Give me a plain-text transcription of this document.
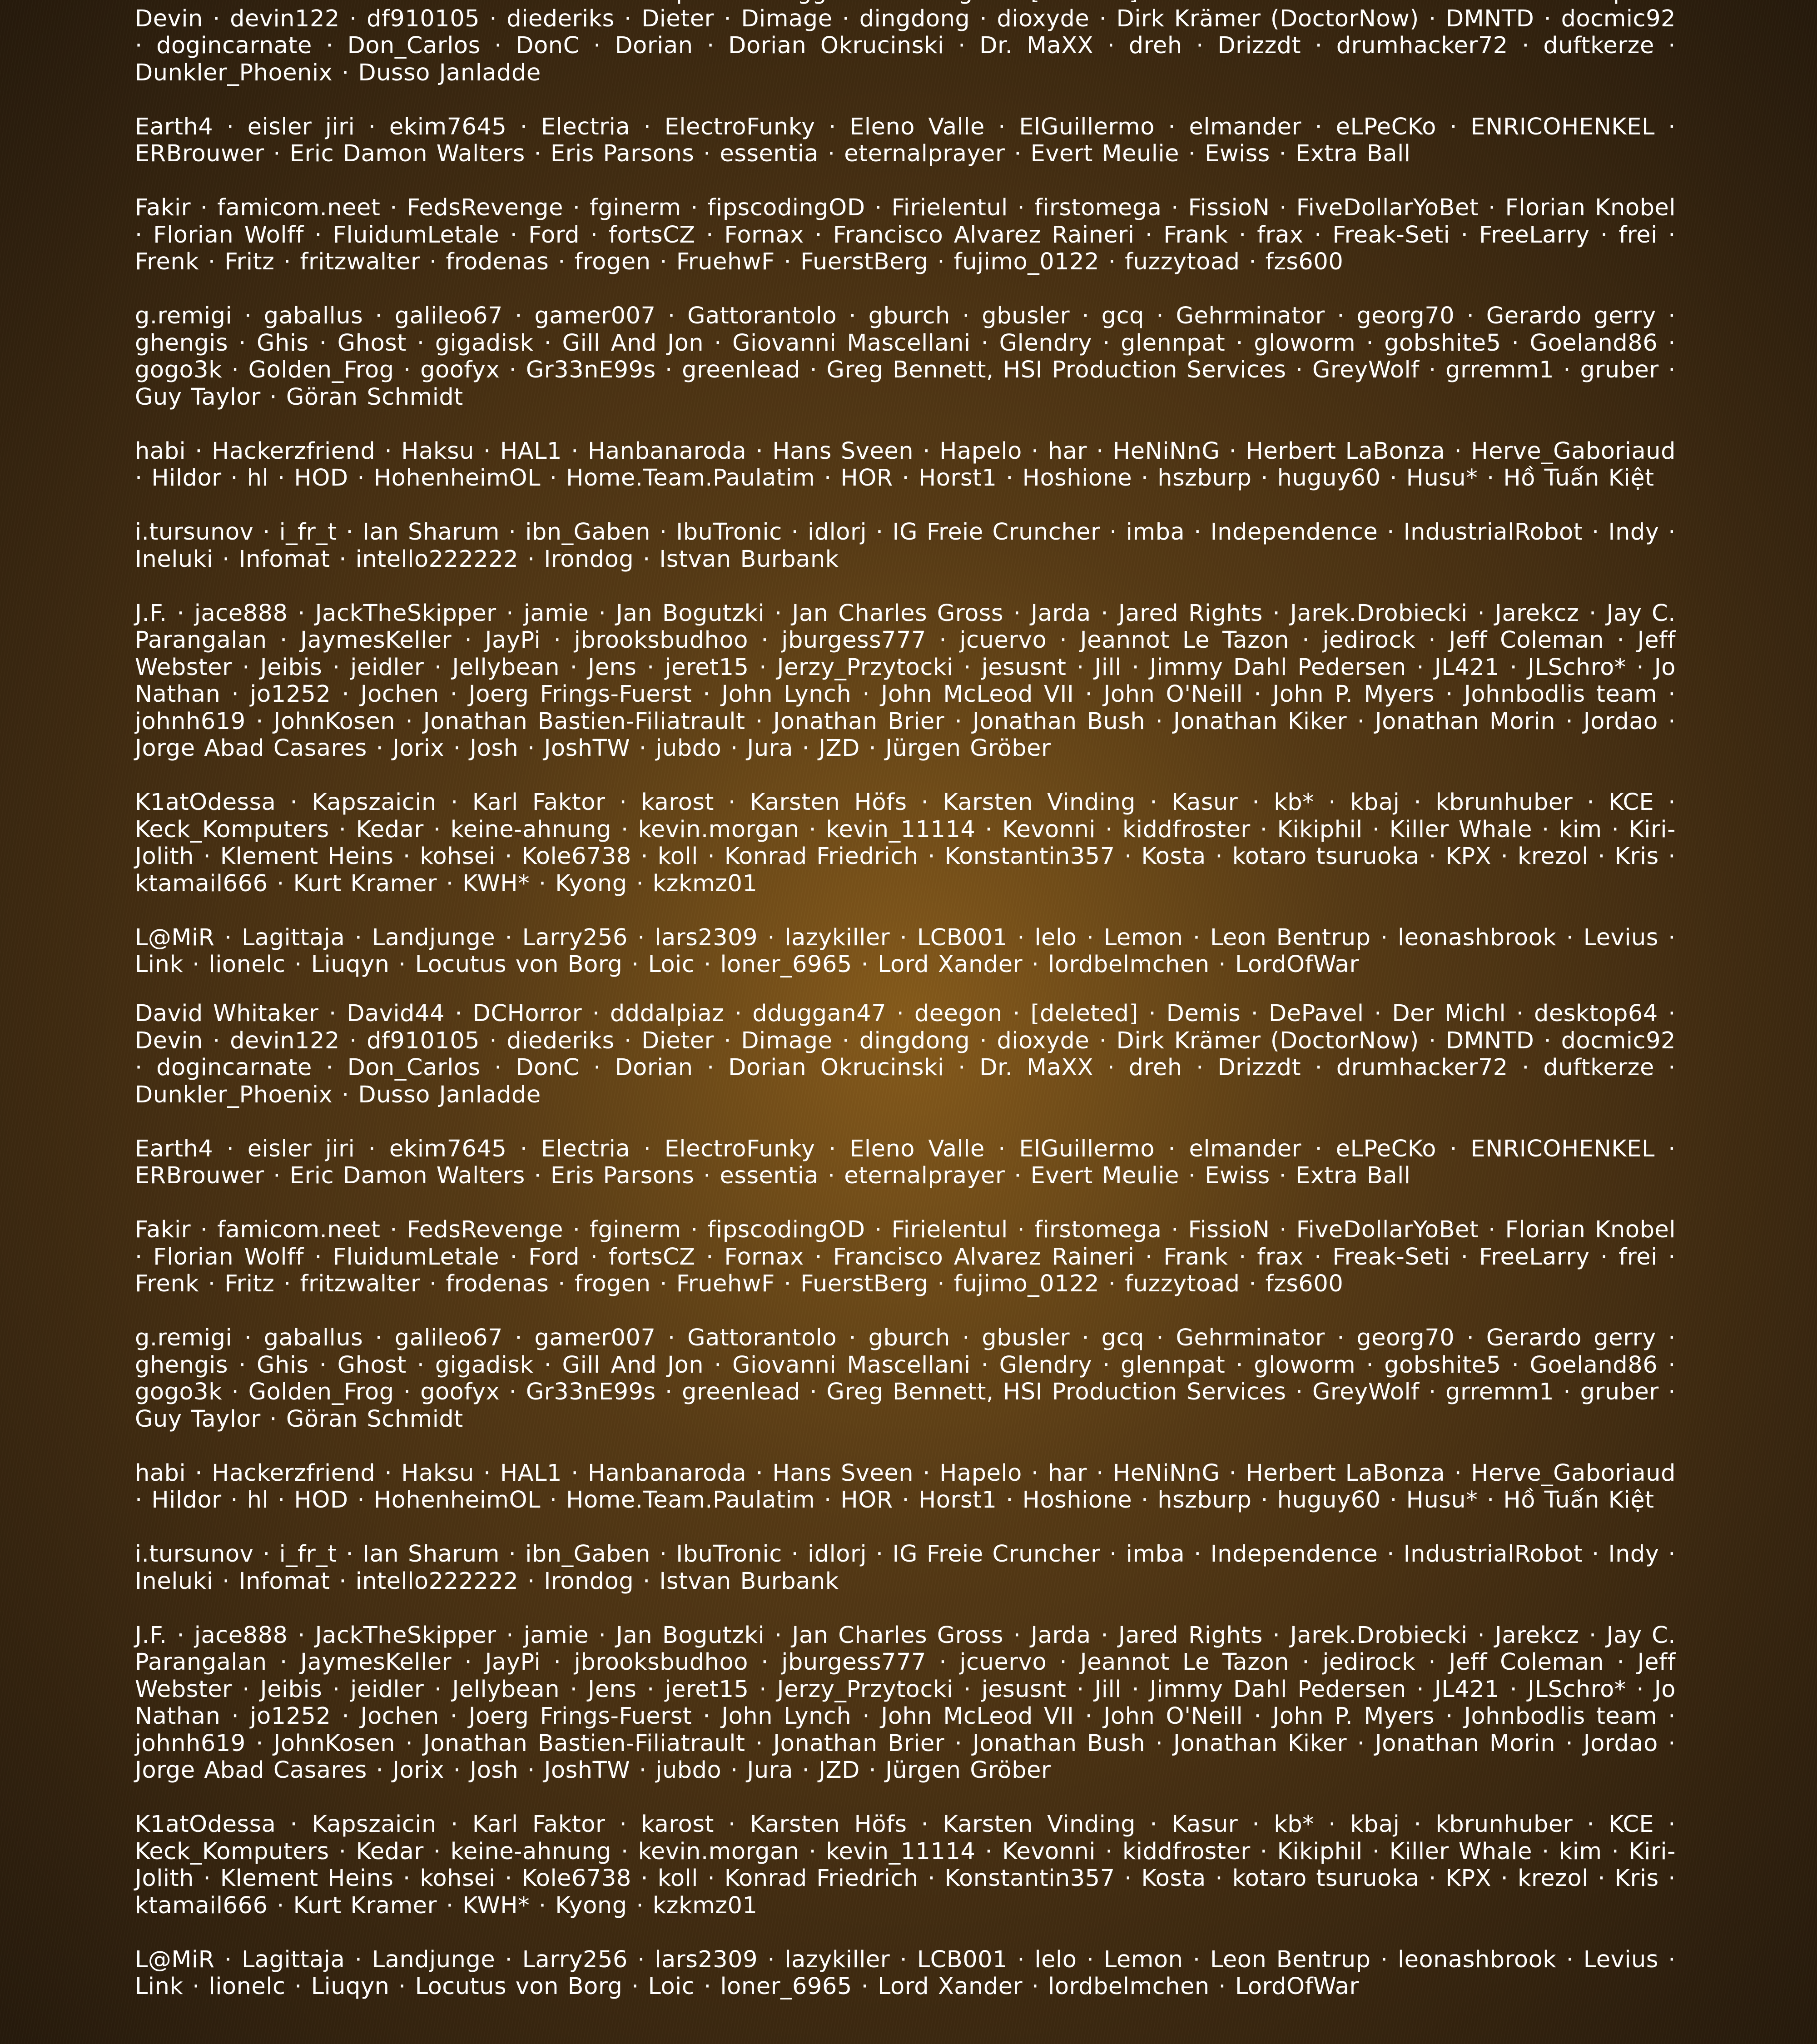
Devin · devin122 · df910105 · diederiks · Dieter · Dimage · dingdong · dioxyde · Dirk Krämer (DoctorNow) · DMNTD · docmic92 · dogincarnate · Don_Carlos · DonC · Dorian · Dorian Okrucinski · Dr. MaXX · dreh · Drizzdt · drumhacker72 · duftkerze · Dunkler_Phoenix · Dusso Janladde

Earth4 · eisler jiri · ekim7645 · Electria · ElectroFunky · Eleno Valle · ElGuillermo · elmander · eLPeCKo · ENRICOHENKEL · ERBrouwer · Eric Damon Walters · Eris Parsons · essentia · eternalprayer · Evert Meulie · Ewiss · Extra Ball

Fakir · famicom.neet · FedsRevenge · fginerm · fipscodingOD · Firielentul · firstomega · FissioN · FiveDollarYoBet · Florian Knobel · Florian Wolff · FluidumLetale · Ford · fortsCZ · Fornax · Francisco Alvarez Raineri · Frank · frax · Freak-Seti · FreeLarry · frei · Frenk · Fritz · fritzwalter · frodenas · frogen · FruehwF · FuerstBerg · fujimo_0122 · fuzzytoad · fzs600

g.remigi · gaballus · galileo67 · gamer007 · Gattorantolo · gburch · gbusler · gcq · Gehrminator · georg70 · Gerardo gerry · ghengis · Ghis · Ghost · gigadisk · Gill And Jon · Giovanni Mascellani · Glendry · glennpat · gloworm · gobshite5 · Goeland86 · gogo3k · Golden_Frog · goofyx · Gr33nE99s · greenlead · Greg Bennett, HSI Production Services · GreyWolf · grremm1 · gruber · Guy Taylor · Göran Schmidt

habi · Hackerzfriend · Haksu · HAL1 · Hanbanaroda · Hans Sveen · Hapelo · har · HeNiNnG · Herbert LaBonza · Herve_Gaboriaud · Hildor · hl · HOD · HohenheimOL · Home.Team.Paulatim · HOR · Horst1 · Hoshione · hszburp · huguy60 · Husu* · Hồ Tuấn Kiệt

i.tursunov · i_fr_t · Ian Sharum · ibn_Gaben · IbuTronic · idlorj · IG Freie Cruncher · imba · Independence · IndustrialRobot · Indy · Ineluki · Infomat · intello222222 · Irondog · Istvan Burbank

J.F. · jace888 · JackTheSkipper · jamie · Jan Bogutzki · Jan Charles Gross · Jarda · Jared Rights · Jarek.Drobiecki · Jarekcz · Jay C. Parangalan · JaymesKeller · JayPi · jbrooksbudhoo · jburgess777 · jcuervo · Jeannot Le Tazon · jedirock · Jeff Coleman · Jeff Webster · Jeibis · jeidler · Jellybean · Jens · jeret15 · Jerzy_Przytocki · jesusnt · Jill · Jimmy Dahl Pedersen · JL421 · JLSchro* · Jo Nathan · jo1252 · Jochen · Joerg Frings-Fuerst · John Lynch · John McLeod VII · John O'Neill · John P. Myers · Johnbodlis team · johnh619 · JohnKosen · Jonathan Bastien-Filiatrault · Jonathan Brier · Jonathan Bush · Jonathan Kiker · Jonathan Morin · Jordao · Jorge Abad Casares · Jorix · Josh · JoshTW · jubdo · Jura · JZD · Jürgen Gröber

K1atOdessa · Kapszaicin · Karl Faktor · karost · Karsten Höfs · Karsten Vinding · Kasur · kb* · kbaj · kbrunhuber · KCE · Keck_Komputers · Kedar · keine-ahnung · kevin.morgan · kevin_11114 · Kevonni · kiddfroster · Kikiphil · Killer Whale · kim · Kiri-Jolith · Klement Heins · kohsei · Kole6738 · koll · Konrad Friedrich · Konstantin357 · Kosta · kotaro tsuruoka · KPX · krezol · Kris · ktamail666 · Kurt Kramer · KWH* · Kyong · kzkmz01

L@MiR · Lagittaja · Landjunge · Larry256 · lars2309 · lazykiller · LCB001 · lelo · Lemon · Leon Bentrup · leonashbrook · Levius · Link · lionelc · Liuqyn · Locutus von Borg · Loic · loner_6965 · Lord Xander · lordbelmchen · LordOfWar

David Whitaker · David44 · DCHorror · dddalpiaz · dduggan47 · deegon · [deleted] · Demis · DePavel · Der Michl · desktop64 · Devin · devin122 · df910105 · diederiks · Dieter · Dimage · dingdong · dioxyde · Dirk Krämer (DoctorNow) · DMNTD · docmic92 · dogincarnate · Don_Carlos · DonC · Dorian · Dorian Okrucinski · Dr. MaXX · dreh · Drizzdt · drumhacker72 · duftkerze · Dunkler_Phoenix · Dusso Janladde

Earth4 · eisler jiri · ekim7645 · Electria · ElectroFunky · Eleno Valle · ElGuillermo · elmander · eLPeCKo · ENRICOHENKEL · ERBrouwer · Eric Damon Walters · Eris Parsons · essentia · eternalprayer · Evert Meulie · Ewiss · Extra Ball

Fakir · famicom.neet · FedsRevenge · fginerm · fipscodingOD · Firielentul · firstomega · FissioN · FiveDollarYoBet · Florian Knobel · Florian Wolff · FluidumLetale · Ford · fortsCZ · Fornax · Francisco Alvarez Raineri · Frank · frax · Freak-Seti · FreeLarry · frei · Frenk · Fritz · fritzwalter · frodenas · frogen · FruehwF · FuerstBerg · fujimo_0122 · fuzzytoad · fzs600

g.remigi · gaballus · galileo67 · gamer007 · Gattorantolo · gburch · gbusler · gcq · Gehrminator · georg70 · Gerardo gerry · ghengis · Ghis · Ghost · gigadisk · Gill And Jon · Giovanni Mascellani · Glendry · glennpat · gloworm · gobshite5 · Goeland86 · gogo3k · Golden_Frog · goofyx · Gr33nE99s · greenlead · Greg Bennett, HSI Production Services · GreyWolf · grremm1 · gruber · Guy Taylor · Göran Schmidt

habi · Hackerzfriend · Haksu · HAL1 · Hanbanaroda · Hans Sveen · Hapelo · har · HeNiNnG · Herbert LaBonza · Herve_Gaboriaud · Hildor · hl · HOD · HohenheimOL · Home.Team.Paulatim · HOR · Horst1 · Hoshione · hszburp · huguy60 · Husu* · Hồ Tuấn Kiệt

i.tursunov · i_fr_t · Ian Sharum · ibn_Gaben · IbuTronic · idlorj · IG Freie Cruncher · imba · Independence · IndustrialRobot · Indy · Ineluki · Infomat · intello222222 · Irondog · Istvan Burbank

J.F. · jace888 · JackTheSkipper · jamie · Jan Bogutzki · Jan Charles Gross · Jarda · Jared Rights · Jarek.Drobiecki · Jarekcz · Jay C. Parangalan · JaymesKeller · JayPi · jbrooksbudhoo · jburgess777 · jcuervo · Jeannot Le Tazon · jedirock · Jeff Coleman · Jeff Webster · Jeibis · jeidler · Jellybean · Jens · jeret15 · Jerzy_Przytocki · jesusnt · Jill · Jimmy Dahl Pedersen · JL421 · JLSchro* · Jo Nathan · jo1252 · Jochen · Joerg Frings-Fuerst · John Lynch · John McLeod VII · John O'Neill · John P. Myers · Johnbodlis team · johnh619 · JohnKosen · Jonathan Bastien-Filiatrault · Jonathan Brier · Jonathan Bush · Jonathan Kiker · Jonathan Morin · Jordao · Jorge Abad Casares · Jorix · Josh · JoshTW · jubdo · Jura · JZD · Jürgen Gröber

K1atOdessa · Kapszaicin · Karl Faktor · karost · Karsten Höfs · Karsten Vinding · Kasur · kb* · kbaj · kbrunhuber · KCE · Keck_Komputers · Kedar · keine-ahnung · kevin.morgan · kevin_11114 · Kevonni · kiddfroster · Kikiphil · Killer Whale · kim · Kiri-Jolith · Klement Heins · kohsei · Kole6738 · koll · Konrad Friedrich · Konstantin357 · Kosta · kotaro tsuruoka · KPX · krezol · Kris · ktamail666 · Kurt Kramer · KWH* · Kyong · kzkmz01

L@MiR · Lagittaja · Landjunge · Larry256 · lars2309 · lazykiller · LCB001 · lelo · Lemon · Leon Bentrup · leonashbrook · Levius · Link · lionelc · Liuqyn · Locutus von Borg · Loic · loner_6965 · Lord Xander · lordbelmchen · LordOfWar
